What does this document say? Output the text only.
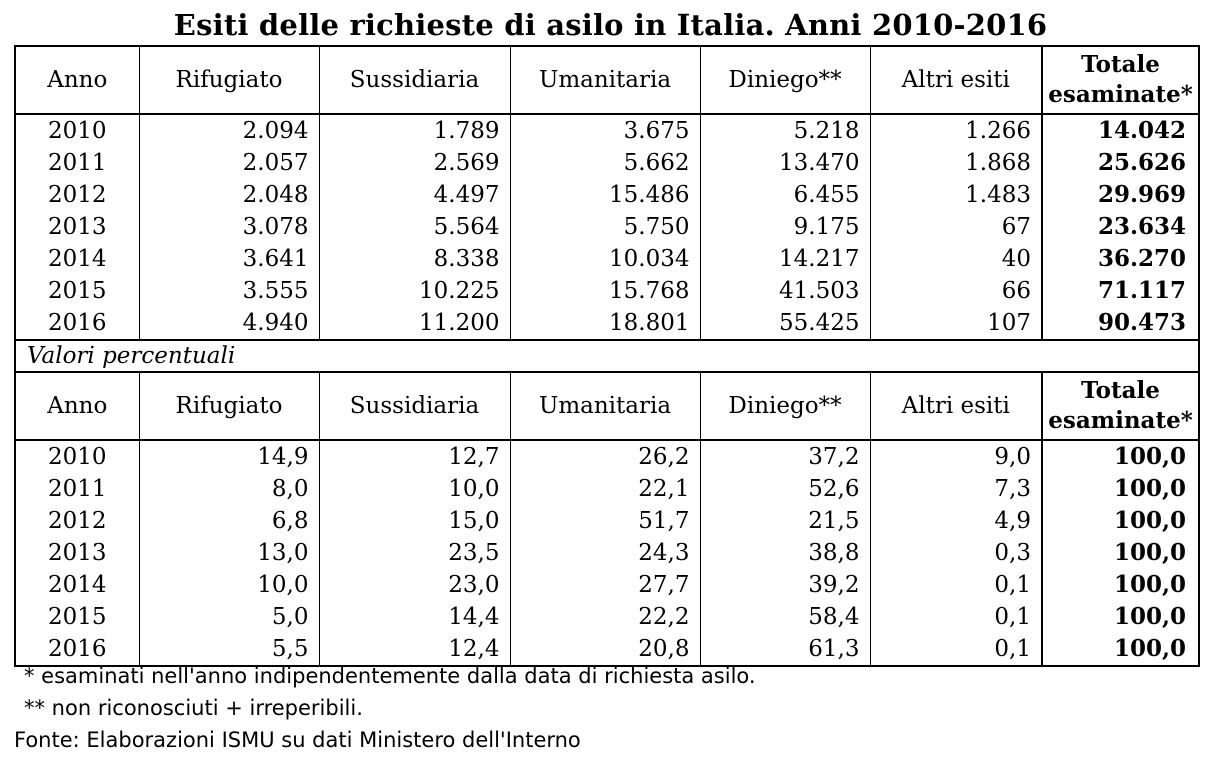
Esiti delle richieste di asilo in Italia. Anni 2010-2016
Anno	Rifugiato	Sussidiaria	Umanitaria	Diniego**	Altri esiti	Totale
esaminate*

2010	2.094	1.789	3.675	5.218	1.266	14.042
2011	2.057	2.569	5.662	13.470	1.868	25.626
2012	2.048	4.497	15.486	6.455	1.483	29.969
2013	3.078	5.564	5.750	9.175	67	23.634
2014	3.641	8.338	10.034	14.217	40	36.270
2015	3.555	10.225	15.768	41.503	66	71.117
2016	4.940	11.200	18.801	55.425	107	90.473
Valori percentuali						
Anno	Rifugiato	Sussidiaria	Umanitaria	Diniego**	Altri esiti	Totale
esaminate*

2010	14,9	12,7	26,2	37,2	9,0	100,0
2011	8,0	10,0	22,1	52,6	7,3	100,0
2012	6,8	15,0	51,7	21,5	4,9	100,0
2013	13,0	23,5	24,3	38,8	0,3	100,0
2014	10,0	23,0	27,7	39,2	0,1	100,0
2015	5,0	14,4	22,2	58,4	0,1	100,0
2016	5,5	12,4	20,8	61,3	0,1	100,0
* esaminati nell'anno indipendentemente dalla data di richiesta asilo.
** non riconosciuti + irreperibili.
Fonte: Elaborazioni ISMU su dati Ministero dell'Interno
